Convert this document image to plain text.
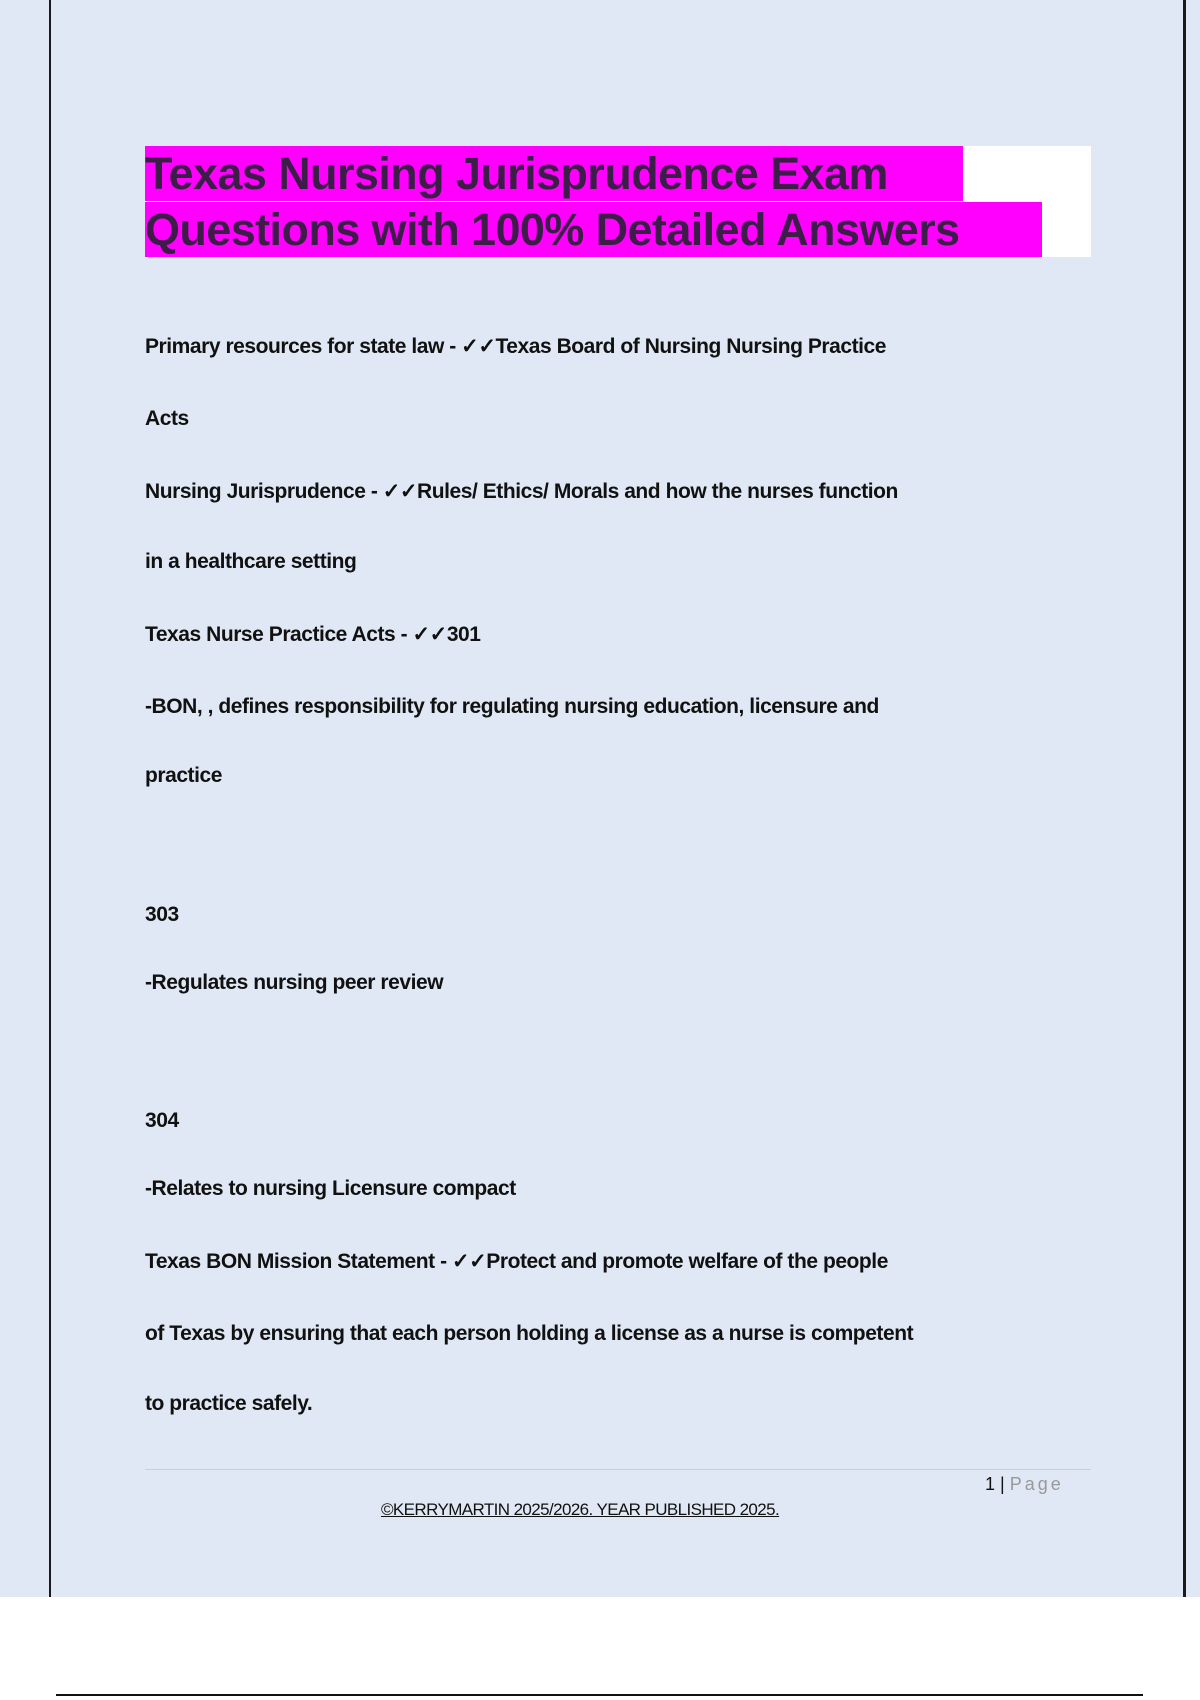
Texas Nursing Jurisprudence Exam
Questions with 100% Detailed Answers
Primary resources for state law - ✓✓Texas Board of Nursing Nursing Practice
Acts
Nursing Jurisprudence - ✓✓Rules/ Ethics/ Morals and how the nurses function
in a healthcare setting
Texas Nurse Practice Acts - ✓✓301
-BON, , defines responsibility for regulating nursing education, licensure and
practice
303
-Regulates nursing peer review
304
-Relates to nursing Licensure compact
Texas BON Mission Statement - ✓✓Protect and promote welfare of the people
of Texas by ensuring that each person holding a license as a nurse is competent
to practice safely.
1 | Page
©KERRYMARTIN 2025/2026. YEAR PUBLISHED 2025.
